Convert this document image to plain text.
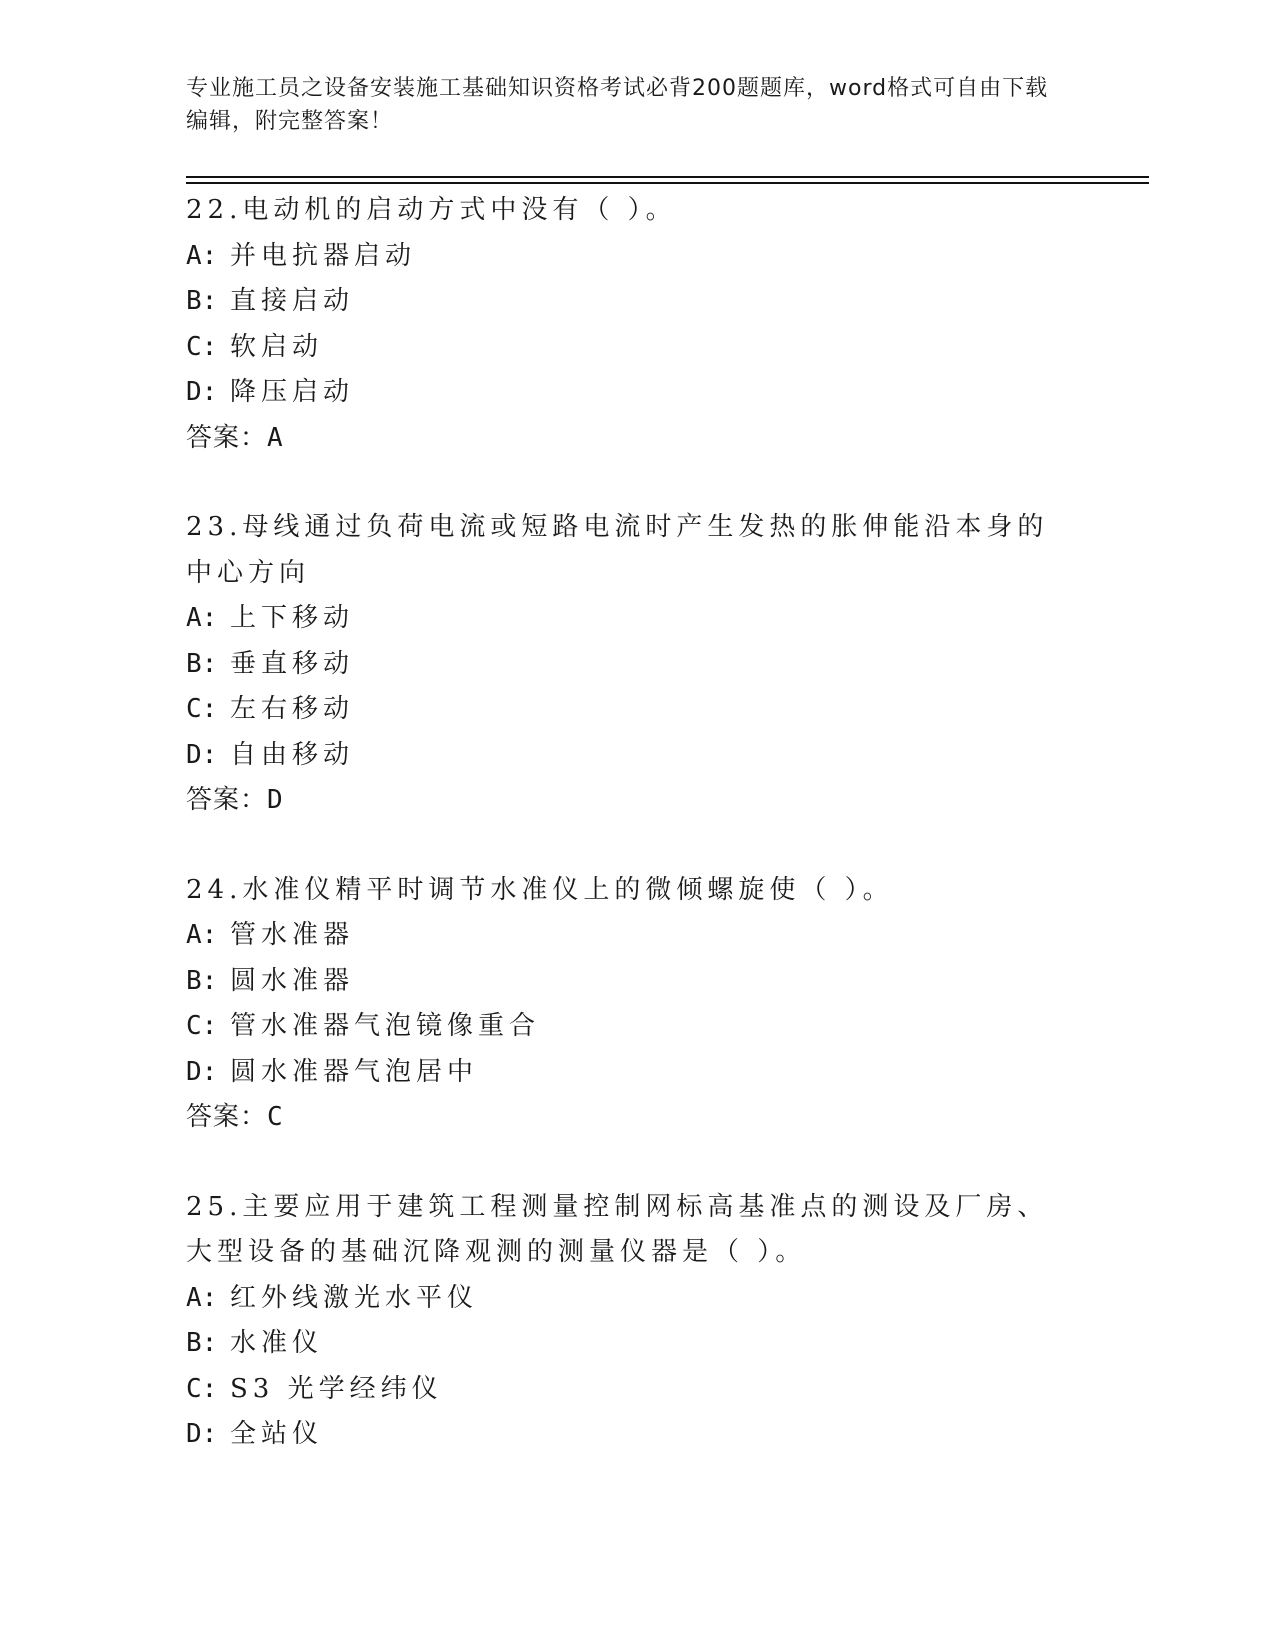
专业施工员之设备安装施工基础知识资格考试必背200题题库，word格式可自由下载编辑，附完整答案！
22.电动机的启动方式中没有（ ）。
A: 并电抗器启动
B: 直接启动
C: 软启动
D: 降压启动
答案：A
23.母线通过负荷电流或短路电流时产生发热的胀伸能沿本身的中心方向
A: 上下移动
B: 垂直移动
C: 左右移动
D: 自由移动
答案：D
24.水准仪精平时调节水准仪上的微倾螺旋使（ ）。
A: 管水准器
B: 圆水准器
C: 管水准器气泡镜像重合
D: 圆水准器气泡居中
答案：C
25.主要应用于建筑工程测量控制网标高基准点的测设及厂房、大型设备的基础沉降观测的测量仪器是（ ）。
A: 红外线激光水平仪
B: 水准仪
C: S3 光学经纬仪
D: 全站仪
